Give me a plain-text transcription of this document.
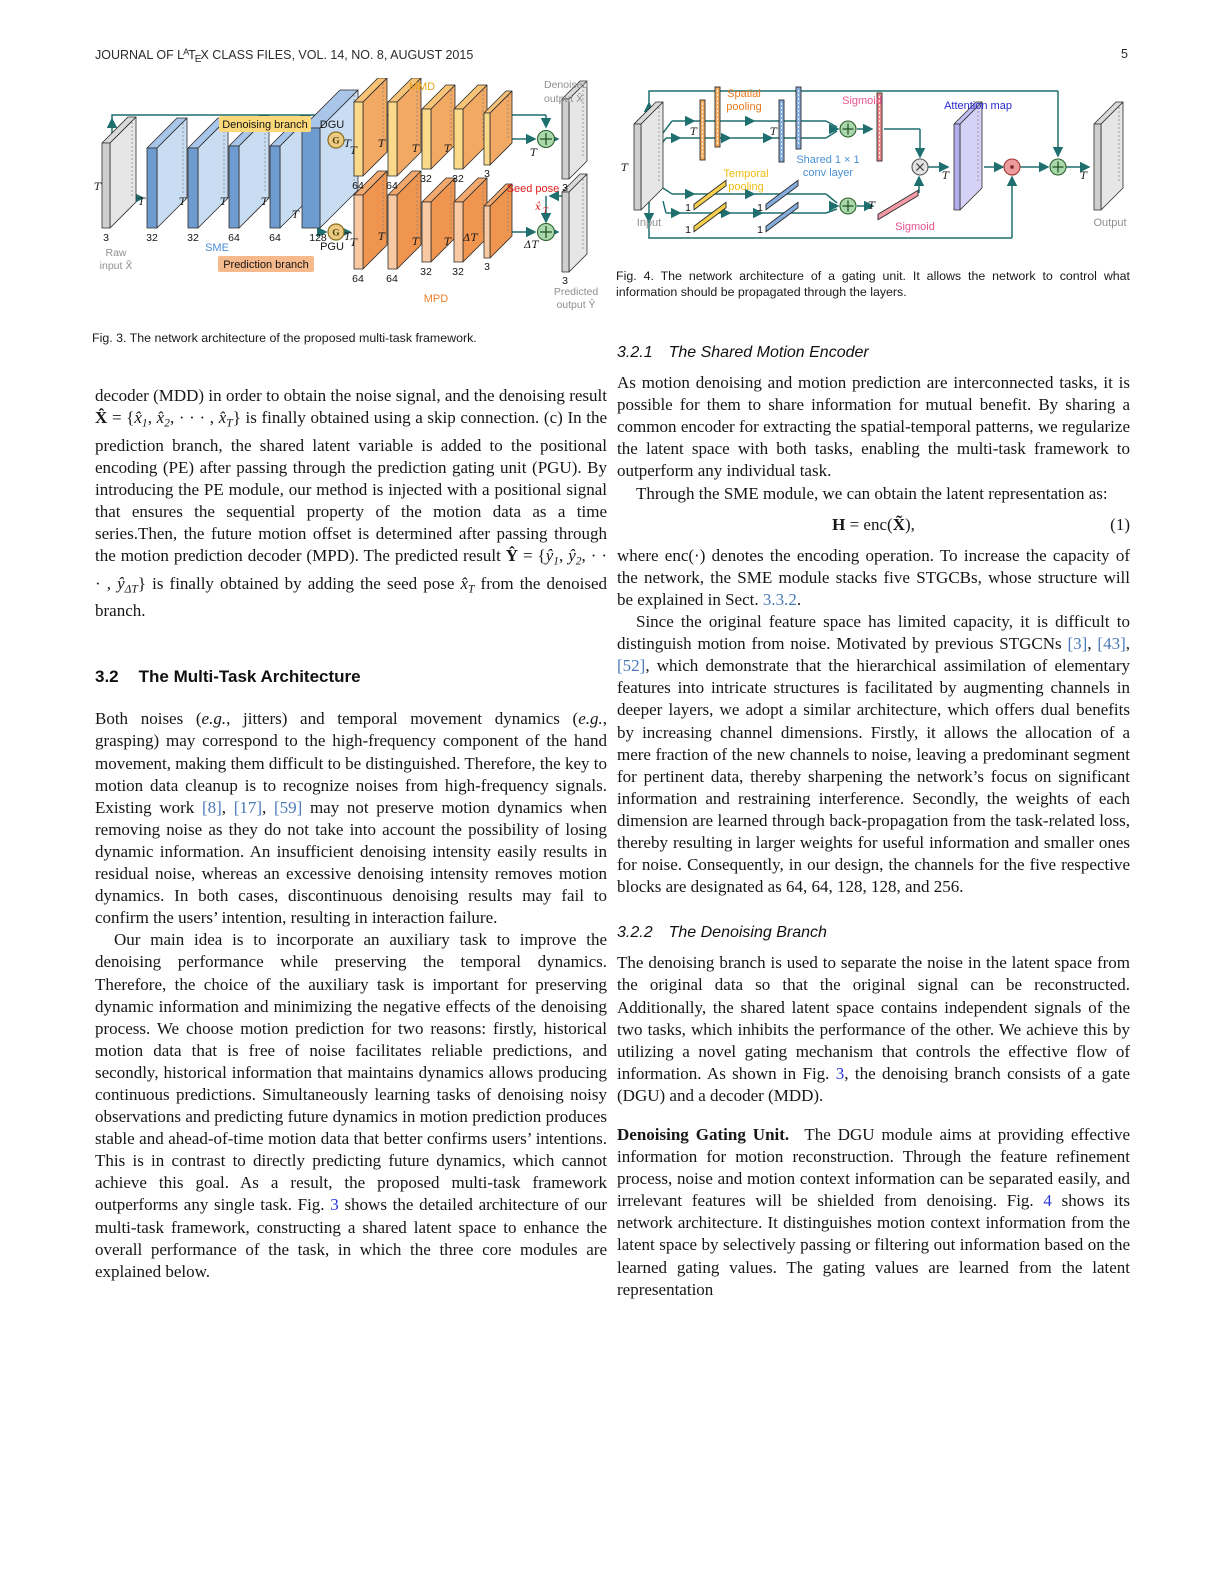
JOURNAL OF $L^AT_EX$ CLASS FILES, VOL. 14, NO. 8, AUGUST 2015	5
G
G
Denoising branch
Prediction branch
DGU
PGU
MMD
MPD
SME
Seed pose
x̂ T
Raw
input X̃
Denoised
output X̂
Predicted
output Ŷ
T
T	T	T	T
T
T
T	T	T T	T
T
T	T	T T ΔT
ΔT
3	32	32	64	64	128
64 64
32 32 3
3
64 64
32 32 3
3
Fig. 3. The network architecture of the proposed multi-task framework.
Spatial
pooling
Temporal
pooling
Shared 1 × 1
conv layer
Sigmoid
Sigmoid
Attention map
Input	Output
1
1
1
1
T
T	T
T
T	T
Fig. 4. The network architecture of a gating unit. It allows the network to control what information should be propagated through the layers.

decoder (MDD) in order to obtain the noise signal, and the denoising result X̂ = {$x̂_1$, $x̂_2$, · · · , $x̂_T$} is finally obtained using a skip connection. (c) In the prediction branch, the shared latent variable is added to the positional encoding (PE) after passing through the prediction gating unit (PGU). By introducing the PE module, our method is injected with a positional signal that ensures the sequential property of the motion data as a time series.Then, the future motion offset is determined after passing through the motion prediction decoder (MPD). The predicted result Ŷ = {$ŷ_1$, $ŷ_2$, · · · , $ŷ_{\Delta T}$} is finally obtained by adding the seed pose $x̂_T$ from the denoised branch.

3.2 The Multi-Task Architecture

Both noises (e.g., jitters) and temporal movement dynamics (e.g., grasping) may correspond to the high-frequency component of the hand movement, making them difficult to be distinguished. Therefore, the key to motion data cleanup is to recognize noises from high-frequency signals. Existing work [8], [17], [59] may not preserve motion dynamics when removing noise as they do not take into account the possibility of losing dynamic information. An insufficient denoising intensity easily results in residual noise, whereas an excessive denoising intensity removes motion dynamics. In both cases, discontinuous denoising results may fail to confirm the users’ intention, resulting in interaction failure.

Our main idea is to incorporate an auxiliary task to improve the denoising performance while preserving the temporal dynamics. Therefore, the choice of the auxiliary task is important for preserving dynamic information and minimizing the negative effects of the denoising process. We choose motion prediction for two reasons: firstly, historical motion data that is free of noise facilitates reliable predictions, and secondly, historical information that maintains dynamics allows producing continuous predictions. Simultaneously learning tasks of denoising noisy observations and predicting future dynamics in motion prediction produces stable and ahead-of-time motion data that better confirms users’ intentions. This is in contrast to directly predicting future dynamics, which cannot achieve this goal. As a result, the proposed multi-task framework outperforms any single task. Fig. 3 shows the detailed architecture of our multi-task framework, constructing a shared latent space to enhance the overall performance of the task, in which the three core modules are explained below.

3.2.1 The Shared Motion Encoder

As motion denoising and motion prediction are interconnected tasks, it is possible for them to share information for mutual benefit. By sharing a common encoder for extracting the spatial-temporal patterns, we regularize the latent space with both tasks, enabling the multi-task framework to outperform any individual task.

Through the SME module, we can obtain the latent representation as:

H = enc(X̃),	(1)

where enc(·) denotes the encoding operation. To increase the capacity of the network, the SME module stacks five STGCBs, whose structure will be explained in Sect. 3.3.2.

Since the original feature space has limited capacity, it is difficult to distinguish motion from noise. Motivated by previous STGCNs [3], [43], [52], which demonstrate that the hierarchical assimilation of elementary features into intricate structures is facilitated by augmenting channels in deeper layers, we adopt a similar architecture, which offers dual benefits by increasing channel dimensions. Firstly, it allows the allocation of a mere fraction of the new channels to noise, leaving a predominant segment for pertinent data, thereby sharpening the network’s focus on significant information and restraining interference. Secondly, the weights of each dimension are learned through back-propagation from the task-related loss, thereby resulting in larger weights for useful information and smaller ones for noise. Consequently, in our design, the channels for the five respective blocks are designated as 64, 64, 128, 128, and 256.

3.2.2 The Denoising Branch

The denoising branch is used to separate the noise in the latent space from the original data so that the original signal can be reconstructed. Additionally, the shared latent space contains independent signals of the two tasks, which inhibits the performance of the other. We achieve this by utilizing a novel gating mechanism that controls the effective flow of information. As shown in Fig. 3, the denoising branch consists of a gate (DGU) and a decoder (MDD).

Denoising Gating Unit.  The DGU module aims at providing effective information for motion reconstruction. Through the feature refinement process, noise and motion context information can be separated easily, and irrelevant features will be shielded from denoising. Fig. 4 shows its network architecture. It distinguishes motion context information from the latent space by selectively passing or filtering out information based on the learned gating values. The gating values are learned from the latent representation
